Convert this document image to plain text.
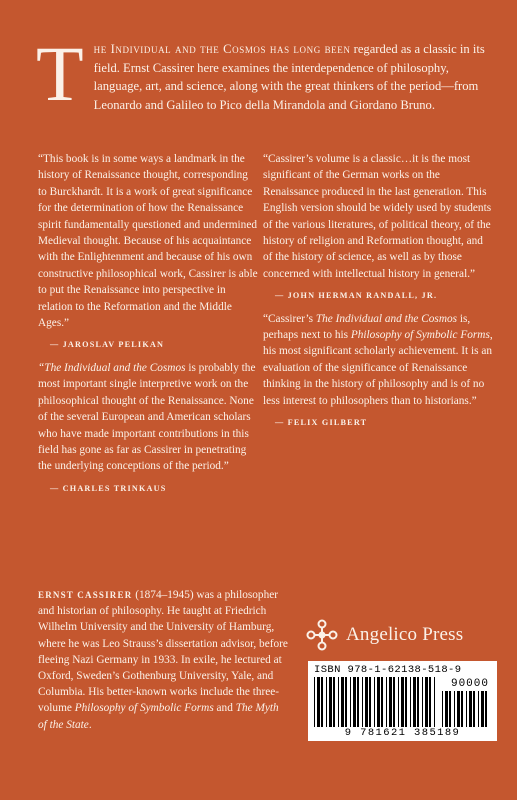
The Individual and the Cosmos has long been regarded as a classic in its field. Ernst Cassirer here examines the interdependence of philosophy, language, art, and science, along with the great thinkers of the period—from Leonardo and Galileo to Pico della Mirandola and Giordano Bruno.

“This book is in some ways a landmark in the history of Renaissance thought, corresponding to Burckhardt. It is a work of great significance for the determination of how the Renaissance spirit fundamentally questioned and undermined Medieval thought. Because of his acquaintance with the Enlightenment and because of his own constructive philosophical work, Cassirer is able to put the Renaissance into perspective in relation to the Reformation and the Middle Ages.”

— JAROSLAV PELIKAN

“The Individual and the Cosmos is probably the most important single interpretive work on the philosophical thought of the Renaissance. None of the several European and American scholars who have made important contributions in this field has gone as far as Cassirer in penetrating the underlying conceptions of the period.”

— CHARLES TRINKAUS

“Cassirer’s volume is a classic…it is the most significant of the German works on the Renaissance produced in the last generation. This English version should be widely used by students of the various literatures, of political theory, of the history of religion and Reformation thought, and of the history of science, as well as by those concerned with intellectual history in general.”

— JOHN HERMAN RANDALL, JR.

“Cassirer’s The Individual and the Cosmos is, perhaps next to his Philosophy of Symbolic Forms, his most significant scholarly achievement. It is an evaluation of the significance of Renaissance thinking in the history of philosophy and is of no less interest to philosophers than to historians.”

— FELIX GILBERT

ERNST CASSIRER (1874–1945) was a philosopher and historian of philosophy. He taught at Friedrich Wilhelm University and the University of Hamburg, where he was Leo Strauss’s dissertation advisor, before fleeing Nazi Germany in 1933. In exile, he lectured at Oxford, Sweden’s Gothenburg University, Yale, and Columbia. His better-known works include the three-volume Philosophy of Symbolic Forms and The Myth of the State.
Angelico Press
ISBN 978-1-62138-518-9
90000
9 781621 385189
